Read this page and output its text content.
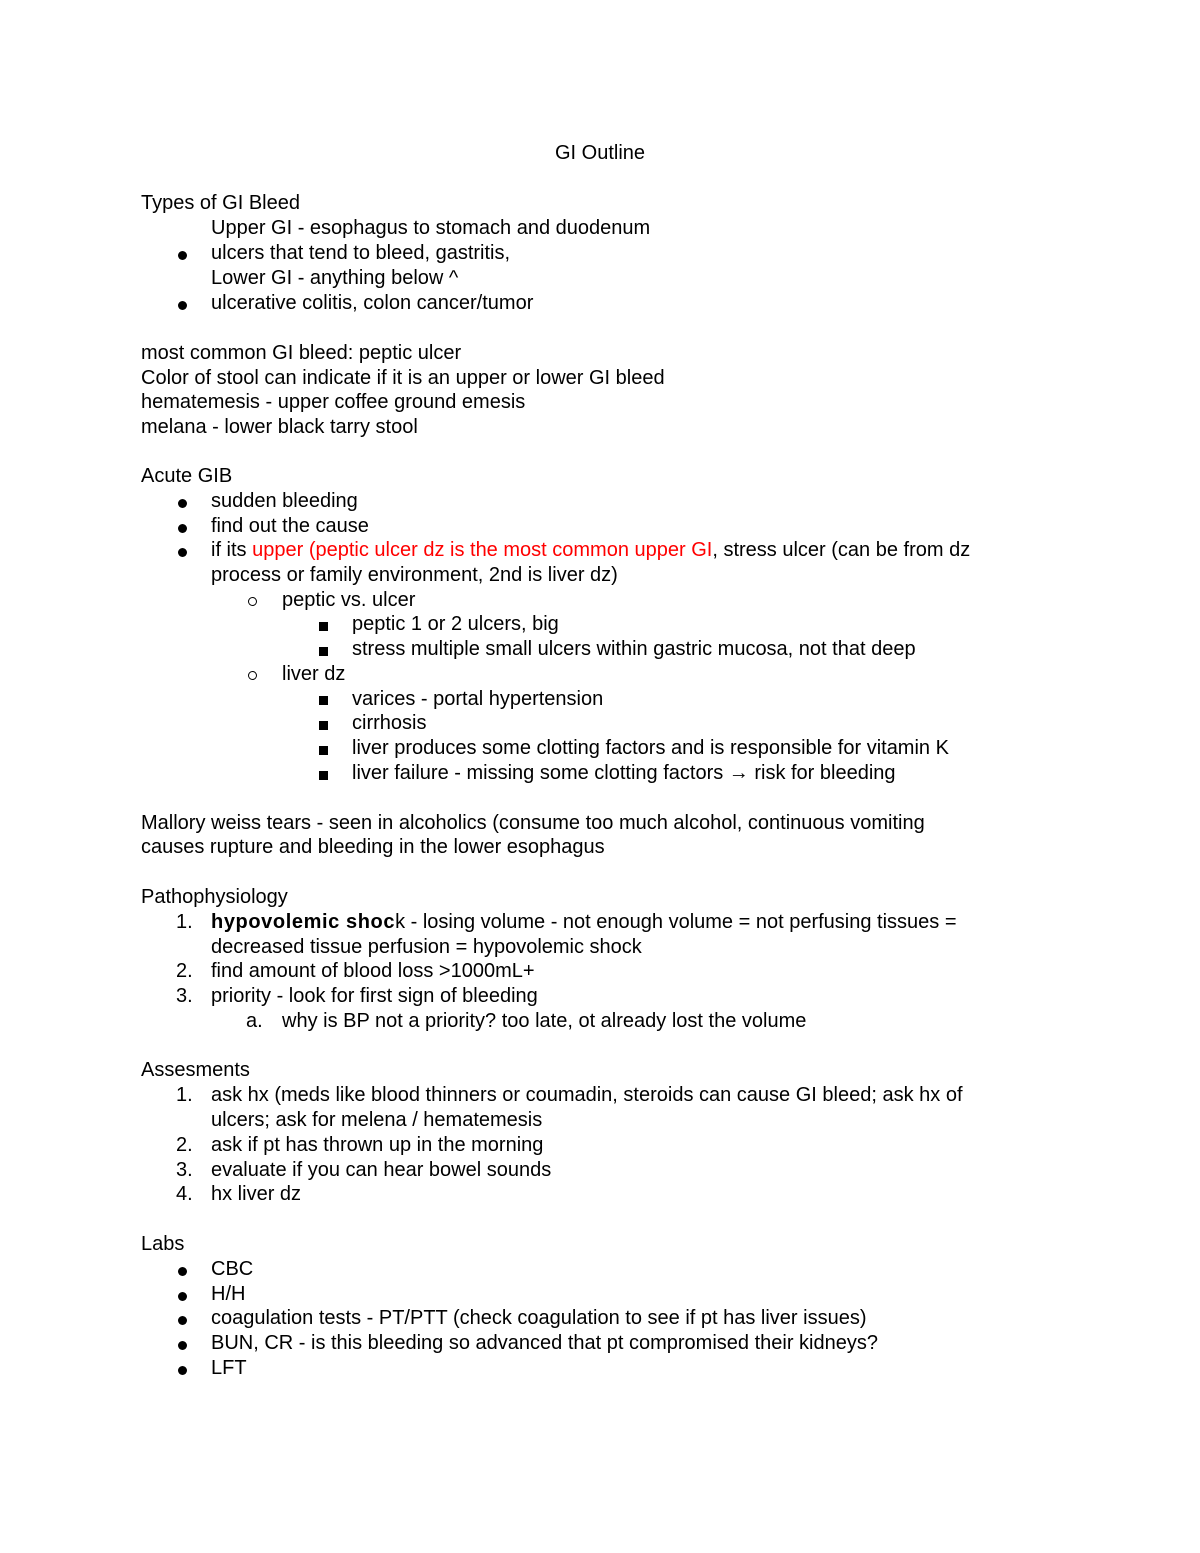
GI Outline
Types of GI Bleed
Upper GI - esophagus to stomach and duodenum
ulcers that tend to bleed, gastritis,
Lower GI - anything below ^
ulcerative colitis, colon cancer/tumor
most common GI bleed: peptic ulcer
Color of stool can indicate if it is an upper or lower GI bleed
hematemesis - upper coffee ground emesis
melana - lower black tarry stool
Acute GIB
sudden bleeding
find out the cause
if its upper (peptic ulcer dz is the most common upper GI, stress ulcer (can be from dz
process or family environment, 2nd is liver dz)
peptic vs. ulcer
peptic 1 or 2 ulcers, big
stress multiple small ulcers within gastric mucosa, not that deep
liver dz
varices - portal hypertension
cirrhosis
liver produces some clotting factors and is responsible for vitamin K
liver failure - missing some clotting factors → risk for bleeding
Mallory weiss tears - seen in alcoholics (consume too much alcohol, continuous vomiting
causes rupture and bleeding in the lower esophagus
Pathophysiology
1. hypovolemic shock - losing volume - not enough volume = not perfusing tissues =
decreased tissue perfusion = hypovolemic shock
2. find amount of blood loss >1000mL+
3. priority - look for first sign of bleeding
a. why is BP not a priority? too late, ot already lost the volume
Assesments
1. ask hx (meds like blood thinners or coumadin, steroids can cause GI bleed; ask hx of
ulcers; ask for melena / hematemesis
2. ask if pt has thrown up in the morning
3. evaluate if you can hear bowel sounds
4. hx liver dz
Labs
CBC
H/H
coagulation tests - PT/PTT (check coagulation to see if pt has liver issues)
BUN, CR - is this bleeding so advanced that pt compromised their kidneys?
LFT
